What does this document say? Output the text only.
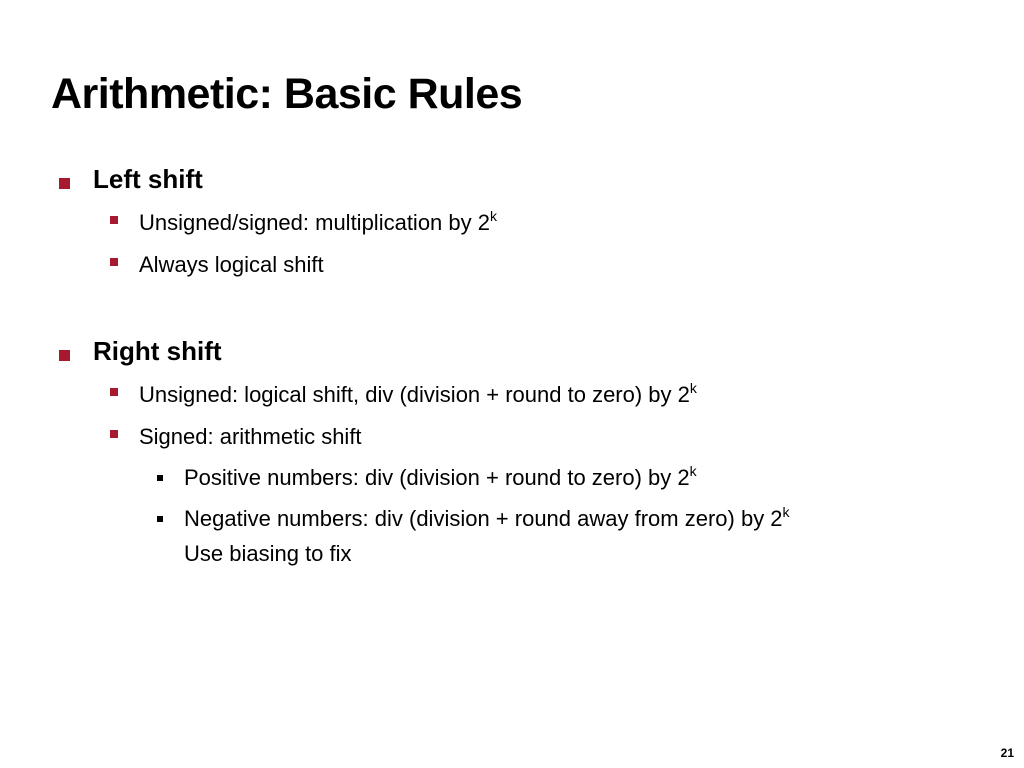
Arithmetic: Basic Rules
Left shift
Unsigned/signed: multiplication by 2$^k$
Always logical shift
Right shift
Unsigned: logical shift, div (division + round to zero) by 2$^k$
Signed: arithmetic shift
Positive numbers: div (division + round to zero) by 2$^k$
Negative numbers: div (division + round away from zero) by 2$^k$
Use biasing to fix
21
